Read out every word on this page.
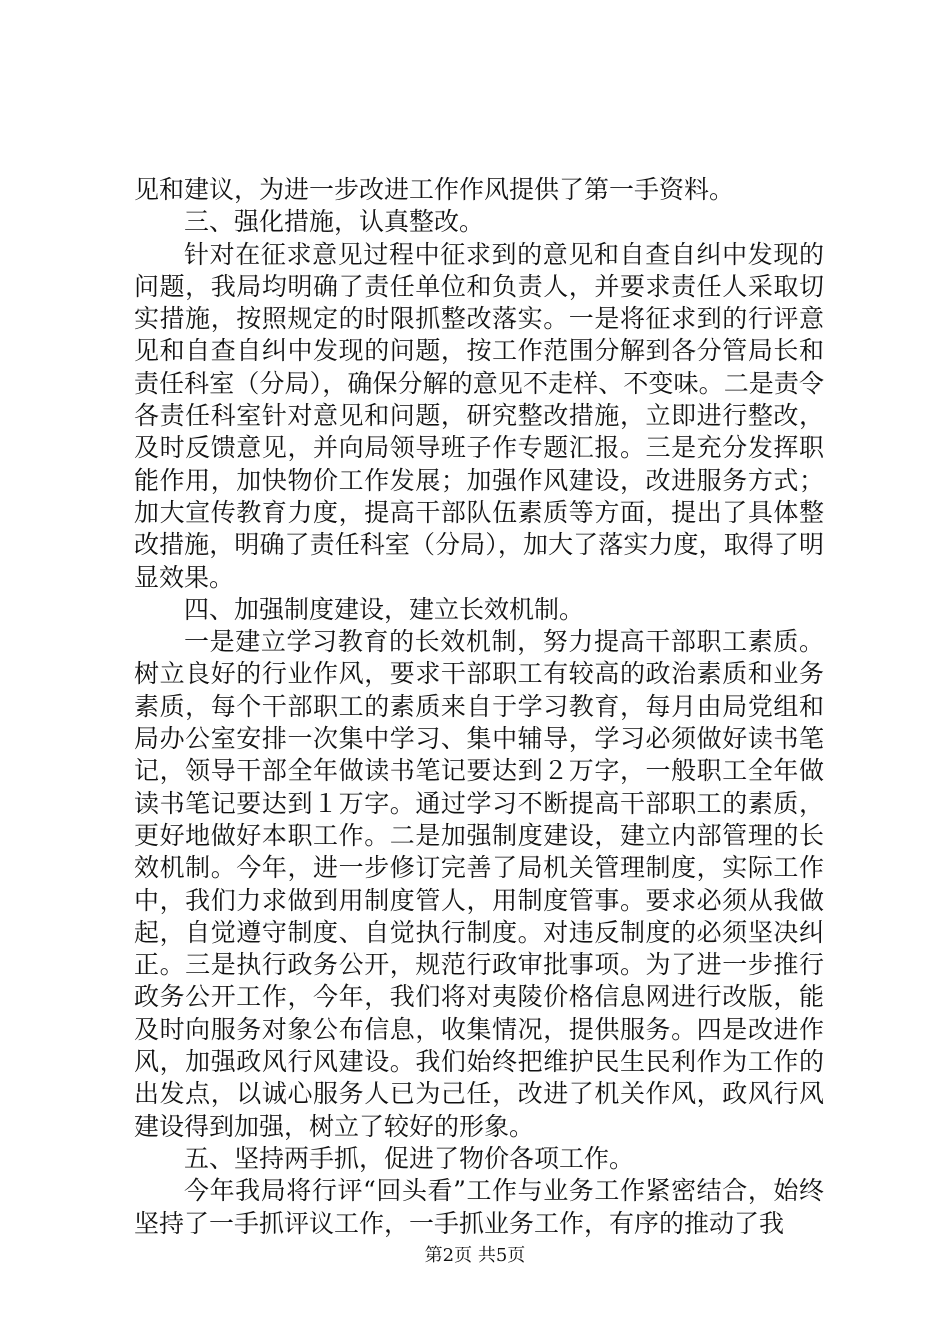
见和建议，为进一步改进工作作风提供了第一手资料。

三、强化措施，认真整改。

针对在征求意见过程中征求到的意见和自查自纠中发现的问题，我局均明确了责任单位和负责人，并要求责任人采取切实措施，按照规定的时限抓整改落实。一是将征求到的行评意见和自查自纠中发现的问题，按工作范围分解到各分管局长和责任科室（分局），确保分解的意见不走样、不变味。二是责令各责任科室针对意见和问题，研究整改措施，立即进行整改，及时反馈意见，并向局领导班子作专题汇报。三是充分发挥职能作用，加快物价工作发展；加强作风建设，改进服务方式；加大宣传教育力度，提高干部队伍素质等方面，提出了具体整改措施，明确了责任科室（分局），加大了落实力度，取得了明显效果。

四、加强制度建设，建立长效机制。

一是建立学习教育的长效机制，努力提高干部职工素质。树立良好的行业作风，要求干部职工有较高的政治素质和业务素质，每个干部职工的素质来自于学习教育，每月由局党组和局办公室安排一次集中学习、集中辅导，学习必须做好读书笔记，领导干部全年做读书笔记要达到２万字，一般职工全年做读书笔记要达到１万字。通过学习不断提高干部职工的素质，更好地做好本职工作。二是加强制度建设，建立内部管理的长效机制。今年，进一步修订完善了局机关管理制度，实际工作中，我们力求做到用制度管人，用制度管事。要求必须从我做起，自觉遵守制度、自觉执行制度。对违反制度的必须坚决纠正。三是执行政务公开，规范行政审批事项。为了进一步推行政务公开工作，今年，我们将对夷陵价格信息网进行改版，能及时向服务对象公布信息，收集情况，提供服务。四是改进作风，加强政风行风建设。我们始终把维护民生民利作为工作的出发点，以诚心服务人已为己任，改进了机关作风，政风行风建设得到加强，树立了较好的形象。

五、坚持两手抓，促进了物价各项工作。

今年我局将行评“回头看”工作与业务工作紧密结合，始终坚持了一手抓评议工作，一手抓业务工作，有序的推动了我

第2页 共5页
